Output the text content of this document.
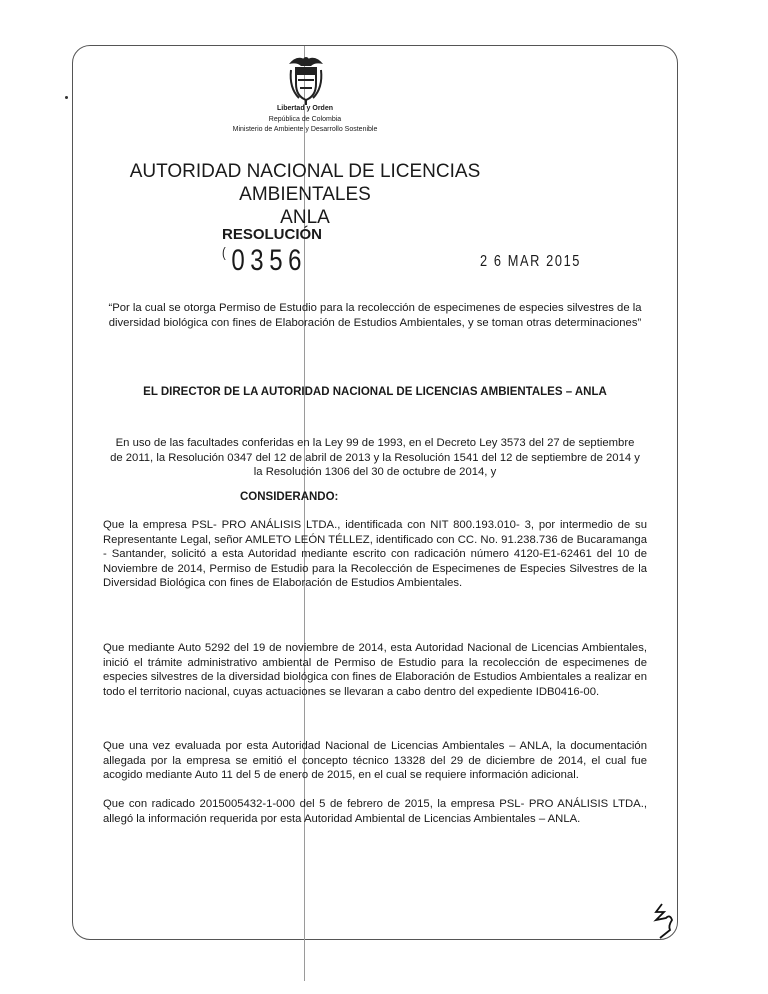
Libertad y Orden
República de Colombia
Ministerio de Ambiente y Desarrollo Sostenible
AUTORIDAD NACIONAL DE LICENCIAS AMBIENTALES
ANLA
RESOLUCIÓN
(0356	2 6 MAR 2015
“Por la cual se otorga Permiso de Estudio para la recolección de especimenes de especies silvestres de la diversidad biológica con fines de Elaboración de Estudios Ambientales, y se toman otras determinaciones”
EL DIRECTOR DE LA AUTORIDAD NACIONAL DE LICENCIAS AMBIENTALES – ANLA
En uso de las facultades conferidas en la Ley 99 de 1993, en el Decreto Ley 3573 del 27 de septiembre de 2011, la Resolución 0347 del 12 de abril de 2013 y la Resolución 1541 del 12 de septiembre de 2014 y la Resolución 1306 del 30 de octubre de 2014, y
CONSIDERANDO:
Que la empresa PSL- PRO ANÁLISIS LTDA., identificada con NIT 800.193.010- 3, por intermedio de su Representante Legal, señor AMLETO LEÓN TÉLLEZ, identificado con CC. No. 91.238.736 de Bucaramanga - Santander, solicitó a esta Autoridad mediante escrito con radicación número 4120-E1-62461 del 10 de Noviembre de 2014, Permiso de Estudio para la Recolección de Especimenes de Especies Silvestres de la Diversidad Biológica con fines de Elaboración de Estudios Ambientales.
Que mediante Auto 5292 del 19 de noviembre de 2014, esta Autoridad Nacional de Licencias Ambientales, inició el trámite administrativo ambiental de Permiso de Estudio para la recolección de especimenes de especies silvestres de la diversidad biológica con fines de Elaboración de Estudios Ambientales a realizar en todo el territorio nacional, cuyas actuaciones se llevaran a cabo dentro del expediente IDB0416-00.
Que una vez evaluada por esta Autoridad Nacional de Licencias Ambientales – ANLA, la documentación allegada por la empresa se emitió el concepto técnico 13328 del 29 de diciembre de 2014, el cual fue acogido mediante Auto 11 del 5 de enero de 2015, en el cual se requiere información adicional.
Que con radicado 2015005432-1-000 del 5 de febrero de 2015, la empresa PSL- PRO ANÁLISIS LTDA., allegó la información requerida por esta Autoridad Ambiental de Licencias Ambientales – ANLA.
